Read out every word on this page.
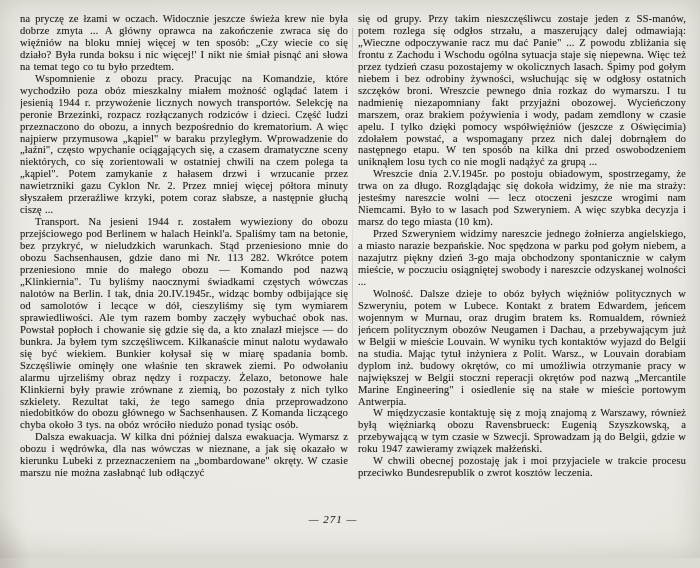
na pryczę ze łzami w oczach. Widocznie jeszcze świeża krew nie była dobrze zmyta ... A główny oprawca na zakończenie zwraca się do więźniów na bloku mniej więcej w ten sposób: „Czy wiecie co się działo? Była runda boksu i nic więcej!' I nikt nie śmiał pisnąć ani słowa na temat tego co tu było przedtem.

Wspomnienie z obozu pracy. Pracując na Komandzie, które wychodziło poza obóz mieszkalny miałem możność oglądać latem i jesienią 1944 r. przywożenie licznych nowych transportów. Selekcję na peronie Brzezinki, rozpacz rozłączanych rodziców i dzieci. Część ludzi przeznaczono do obozu, a innych bezpośrednio do krematorium. A więc najpierw przymusowa „kąpiel" w baraku przyległym. Wprowadzenie do „łaźni", często wpychanie ociągających się, a czasem dramatyczne sceny niektórych, co się zorientowali w ostatniej chwili na czem polega ta „kąpiel". Potem zamykanie z hałasem drzwi i wrzucanie przez nawietrzniki gazu Cyklon Nr. 2. Przez mniej więcej półtora minuty słyszałem przeraźliwe krzyki, potem coraz słabsze, a następnie głuchą ciszę ...

Transport. Na jesieni 1944 r. zostałem wywieziony do obozu przejściowego pod Berlinem w halach Heinkl'a. Spaliśmy tam na betonie, bez przykryć, w nieludzkich warunkach. Stąd przeniesiono mnie do obozu Sachsenhausen, gdzie dano mi Nr. 113 282. Wkrótce potem przeniesiono mnie do małego obozu — Komando pod nazwą „Klinkiernia". Tu byliśmy naocznymi świadkami częstych wówczas nalotów na Berlin. I tak, dnia 20.IV.1945r., widząc bomby odbijające się od samolotów i lecące w dół, cieszyliśmy się tym wymiarem sprawiedliwości. Ale tym razem bomby zaczęły wybuchać obok nas. Powstał popłoch i chowanie się gdzie się da, a kto znalazł miejsce — do bunkra. Ja byłem tym szczęśliwcem. Kilkanaście minut nalotu wydawało się być wiekiem. Bunkier kołysał się w miarę spadania bomb. Szczęśliwie ominęły one właśnie ten skrawek ziemi. Po odwołaniu alarmu ujrzeliśmy obraz nędzy i rozpaczy. Żelazo, betonowe hale Klinkierni były prawie zrównane z ziemią, bo pozostały z nich tylko szkielety. Rezultat taki, że tego samego dnia przeprowadzono niedobitków do obozu głównego w Sachsenhausen. Z Komanda liczącego chyba około 3 tys. na obóz wróciło niedużo ponad tysiąc osób.

Dalsza ewakuacja. W kilka dni później dalsza ewakuacja. Wymarsz z obozu i wędrówka, dla nas wówczas w nieznane, a jak się okazało w kierunku Lubeki z przeznaczeniem na „bombardowane" okręty. W czasie marszu nie można zasłabnąć lub odłączyć

się od grupy. Przy takim nieszczęśliwcu zostaje jeden z SS-manów, potem rozlega się odgłos strzału, a maszerujący dalej odmawiają: „Wieczne odpoczywanie racz mu dać Panie" ... Z powodu zbliżania się frontu z Zachodu i Wschodu ogólna sytuacja staje się niepewna. Więc też przez tydzień czasu pozostajemy w okolicznych lasach. Śpimy pod gołym niebem i bez odrobiny żywności, wsłuchując się w odgłosy ostatnich szczęków broni. Wreszcie pewnego dnia rozkaz do wymarszu. I tu nadmienię niezapomniany fakt przyjaźni obozowej. Wycieńczony marszem, oraz brakiem pożywienia i wody, padam zemdlony w czasie apelu. I tylko dzięki pomocy współwięźniów (jeszcze z Oświęcimia) zdołałem powstać, a wspomagany przez nich dalej dobrnąłem do następnego etapu. W ten sposób na kilka dni przed oswobodzeniem uniknąłem losu tych co nie mogli nadążyć za grupą ...

Wreszcie dnia 2.V.1945r. po postoju obiadowym, spostrzegamy, że trwa on za długo. Rozglądając się dokoła widzimy, że nie ma straży: jesteśmy nareszcie wolni — lecz otoczeni jeszcze wrogimi nam Niemcami. Było to w lasach pod Szweryniem. A więc szybka decyzja i marsz do tego miasta (10 km).

Przed Szweryniem widzimy nareszcie jednego żołnierza angielskiego, a miasto narazie bezpańskie. Noc spędzona w parku pod gołym niebem, a nazajutrz piękny dzień 3-go maja obchodzony spontanicznie w całym mieście, w poczuciu osiągniętej swobody i nareszcie odzyskanej wolności ...

Wolność. Dalsze dzieje to obóz byłych więźniów politycznych w Szweryniu, potem w Lubece. Kontakt z bratem Edwardem, jeńcem wojennym w Murnau, oraz drugim bratem ks. Romualdem, również jeńcem politycznym obozów Neugamen i Dachau, a przebywającym już w Belgii w mieście Louvain. W wyniku tych kontaktów wyjazd do Belgii na studia. Mając tytuł inżyniera z Polit. Warsz., w Louvain dorabiam dyplom inż. budowy okrętów, co mi umożliwia otrzymanie pracy w największej w Belgii stoczni reperacji okrętów pod nazwą „Mercantile Marine Engineering" i osiedlenie się na stałe w mieście portowym Antwerpia.

W międzyczasie kontaktuję się z moją znajomą z Warszawy, również byłą więźniarką obozu Ravensbrueck: Eugenią Szyszkowską, a przebywającą w tym czasie w Szwecji. Sprowadzam ją do Belgii, gdzie w roku 1947 zawieramy związek małżeński.

W chwili obecnej pozostaję jak i moi przyjaciele w trakcie procesu przeciwko Bundesrepublik o zwrot kosztów leczenia.

— 271 —
